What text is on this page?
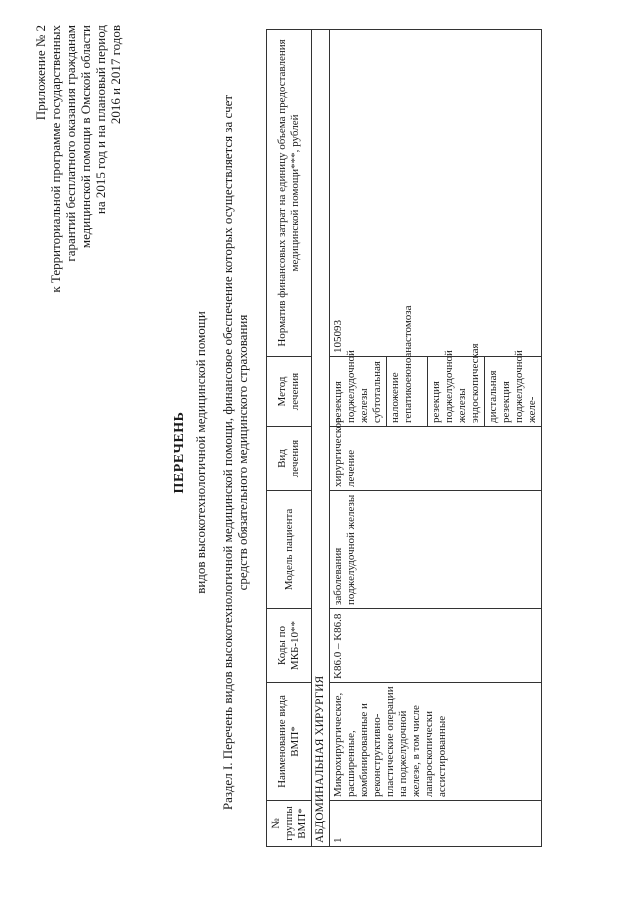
Приложение № 2 к Территориальной программе государственных гарантий бесплатного оказания гражданам медицинской помощи в Омской области на 2015 год и на плановый период 2016 и 2017 годов
ПЕРЕЧЕНЬ видов высокотехнологичной медицинской помощи Раздел I. Перечень видов высокотехнологичной медицинской помощи, финансовое обеспечение которых осуществляется за счет средств обязательного медицинского страхования
№ группы ВМП*	Наименование вида ВМП*	Коды по МКБ-10**	Модель пациента	Вид лечения	Метод лечения	Норматив финансовых затрат на единицу объема предоставления медицинской помощи***, рублей
АБДОМИНАЛЬНАЯ ХИРУРГИЯ						
1	Микрохирургические, расширенные, комбинированные и реконструктивно-пластические операции на поджелудочной железе, в том числе лапароскопически ассистированные	K86.0 – K86.8	заболевания поджелудочной железы	хирургическое лечение	резекция поджелудочной железы субтотальная наложение гепатикоеюноанастомоза резекция поджелудочной железы эндоскопическая дистальная резекция поджелудочной желе-	105093
